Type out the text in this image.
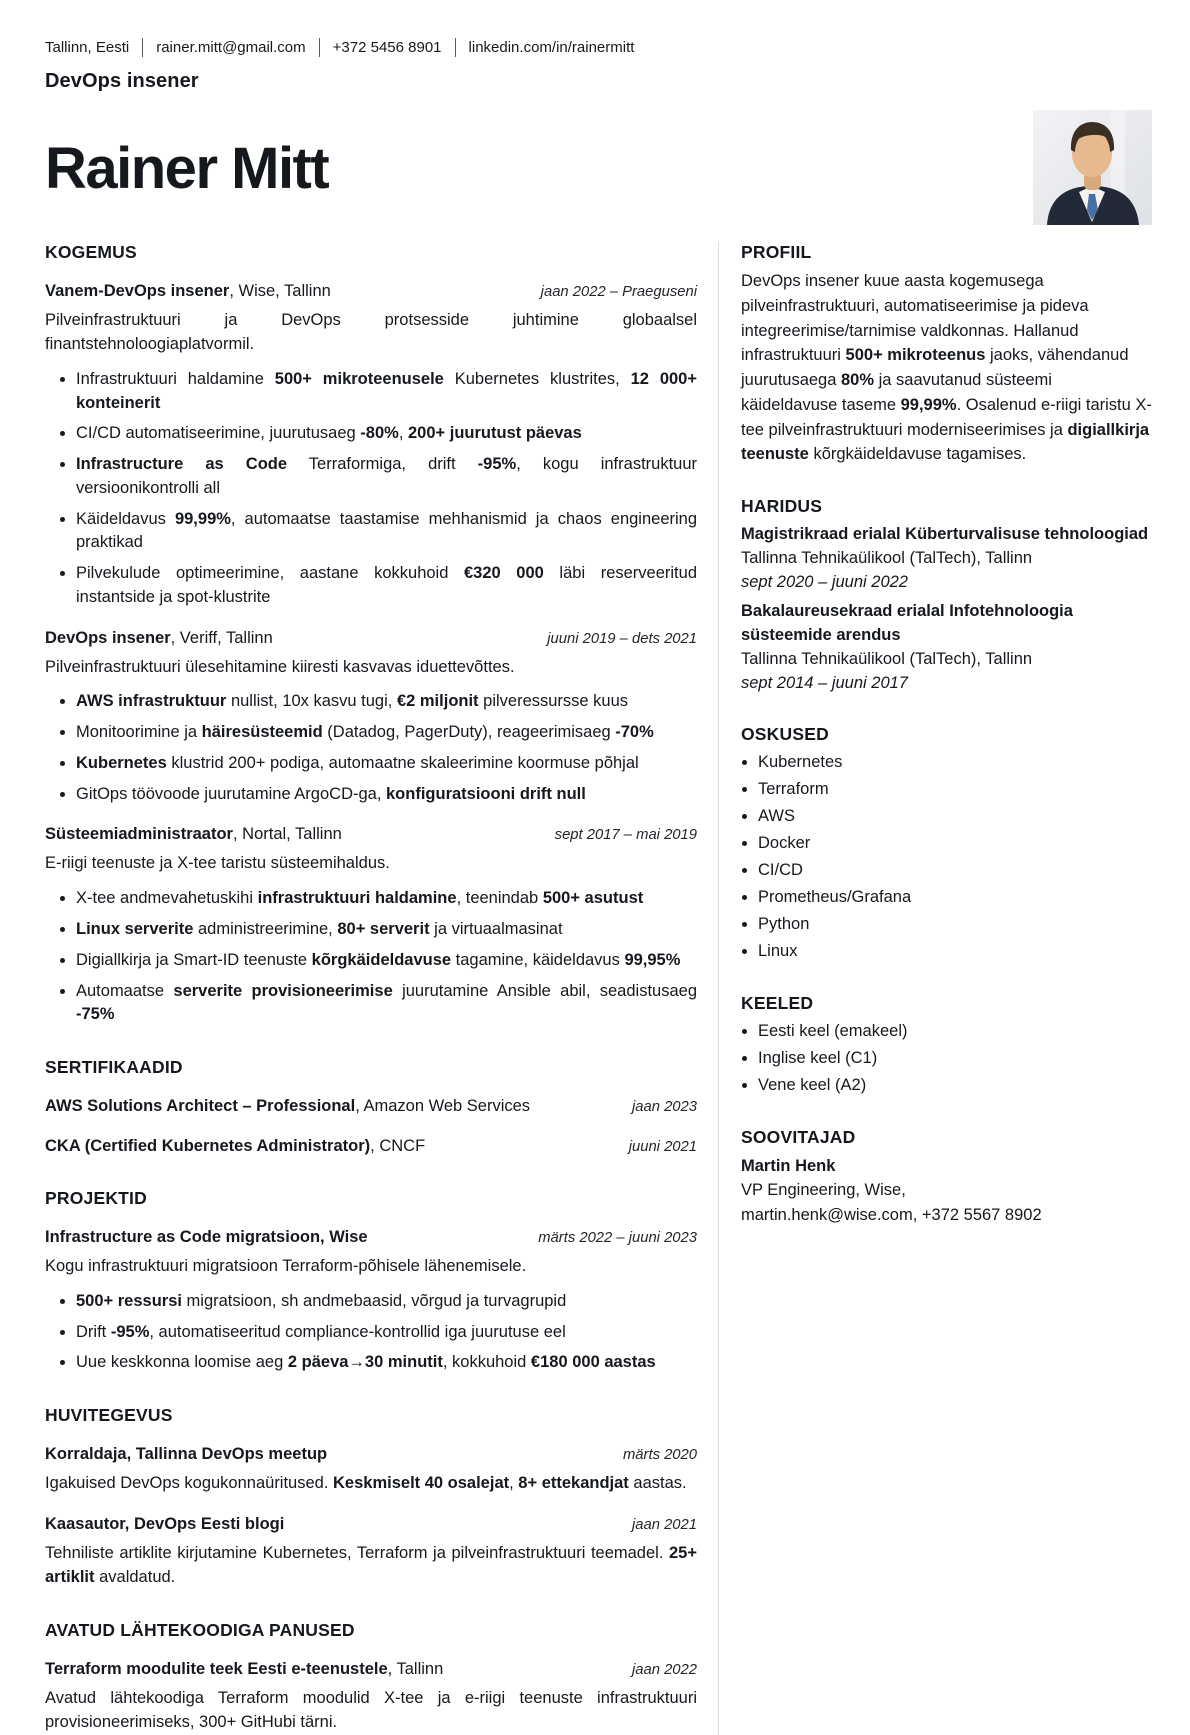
Tallinn, Eesti rainer.mitt@gmail.com +372 5456 8901 linkedin.com/in/rainermitt
DevOps insener
Rainer Mitt
KOGEMUS
Vanem-DevOps insener, Wise, Tallinn	jaan 2022 – Praeguseni
Pilveinfrastruktuuri ja DevOps protsesside juhtimine globaalsel finantstehnoloogiaplatvormil.
• Infrastruktuuri haldamine 500+ mikroteenusele Kubernetes klustrites, 12 000+ konteinerit
• CI/CD automatiseerimine, juurutusaeg -80%, 200+ juurutust päevas
• Infrastructure as Code Terraformiga, drift -95%, kogu infrastruktuur versioonikontrolli all
• Käideldavus 99,99%, automaatse taastamise mehhanismid ja chaos engineering praktikad
• Pilvekulude optimeerimine, aastane kokkuhoid €320 000 läbi reserveeritud instantside ja spot-klustrite
DevOps insener, Veriff, Tallinn	juuni 2019 – dets 2021
Pilveinfrastruktuuri ülesehitamine kiiresti kasvavas iduettevõttes.
• AWS infrastruktuur nullist, 10x kasvu tugi, €2 miljonit pilveressursse kuus
• Monitoorimine ja häiresüsteemid (Datadog, PagerDuty), reageerimisaeg -70%
• Kubernetes klustrid 200+ podiga, automaatne skaleerimine koormuse põhjal
• GitOps töövoode juurutamine ArgoCD-ga, konfiguratsiooni drift null
Süsteemiadministraator, Nortal, Tallinn	sept 2017 – mai 2019
E-riigi teenuste ja X-tee taristu süsteemihaldus.
• X-tee andmevahetuskihi infrastruktuuri haldamine, teenindab 500+ asutust
• Linux serverite administreerimine, 80+ serverit ja virtuaalmasinat
• Digiallkirja ja Smart-ID teenuste kõrgkäideldavuse tagamine, käideldavus 99,95%
• Automaatse serverite provisioneerimise juurutamine Ansible abil, seadistusaeg -75%
SERTIFIKAADID
AWS Solutions Architect – Professional, Amazon Web Services	jaan 2023
CKA (Certified Kubernetes Administrator), CNCF	juuni 2021
PROJEKTID
Infrastructure as Code migratsioon, Wise	märts 2022 – juuni 2023
Kogu infrastruktuuri migratsioon Terraform-põhisele lähenemisele.
• 500+ ressursi migratsioon, sh andmebaasid, võrgud ja turvagrupid
• Drift -95%, automatiseeritud compliance-kontrollid iga juurutuse eel
• Uue keskkonna loomise aeg 2 päeva→30 minutit, kokkuhoid €180 000 aastas
HUVITEGEVUS
Korraldaja, Tallinna DevOps meetup	märts 2020
Igakuised DevOps kogukonnaüritused. Keskmiselt 40 osalejat, 8+ ettekandjat aastas.
Kaasautor, DevOps Eesti blogi	jaan 2021
Tehniliste artiklite kirjutamine Kubernetes, Terraform ja pilveinfrastruktuuri teemadel. 25+ artiklit avaldatud.
AVATUD LÄHTEKOODIGA PANUSED
Terraform moodulite teek Eesti e-teenustele, Tallinn	jaan 2022
Avatud lähtekoodiga Terraform moodulid X-tee ja e-riigi teenuste infrastruktuuri provisioneerimiseks, 300+ GitHubi tärni.
PROFIIL
DevOps insener kuue aasta kogemusega pilveinfrastruktuuri, automatiseerimise ja pideva integreerimise/tarnimise valdkonnas. Hallanud infrastruktuuri 500+ mikroteenus jaoks, vähendanud juurutusaega 80% ja saavutanud süsteemi käideldavuse taseme 99,99%. Osalenud e-riigi taristu X-tee pilveinfrastruktuuri moderniseerimises ja digiallkirja teenuste kõrgkäideldavuse tagamises.
HARIDUS
Magistrikraad erialal Küberturvalisuse tehnoloogiad
Tallinna Tehnikaülikool (TalTech), Tallinn
sept 2020 – juuni 2022
Bakalaureusekraad erialal Infotehnoloogia süsteemide arendus
Tallinna Tehnikaülikool (TalTech), Tallinn
sept 2014 – juuni 2017
OSKUSED
• Kubernetes
• Terraform
• AWS
• Docker
• CI/CD
• Prometheus/Grafana
• Python
• Linux
KEELED
• Eesti keel (emakeel)
• Inglise keel (C1)
• Vene keel (A2)
SOOVITAJAD
Martin Henk
VP Engineering, Wise,
martin.henk@wise.com, +372 5567 8902
